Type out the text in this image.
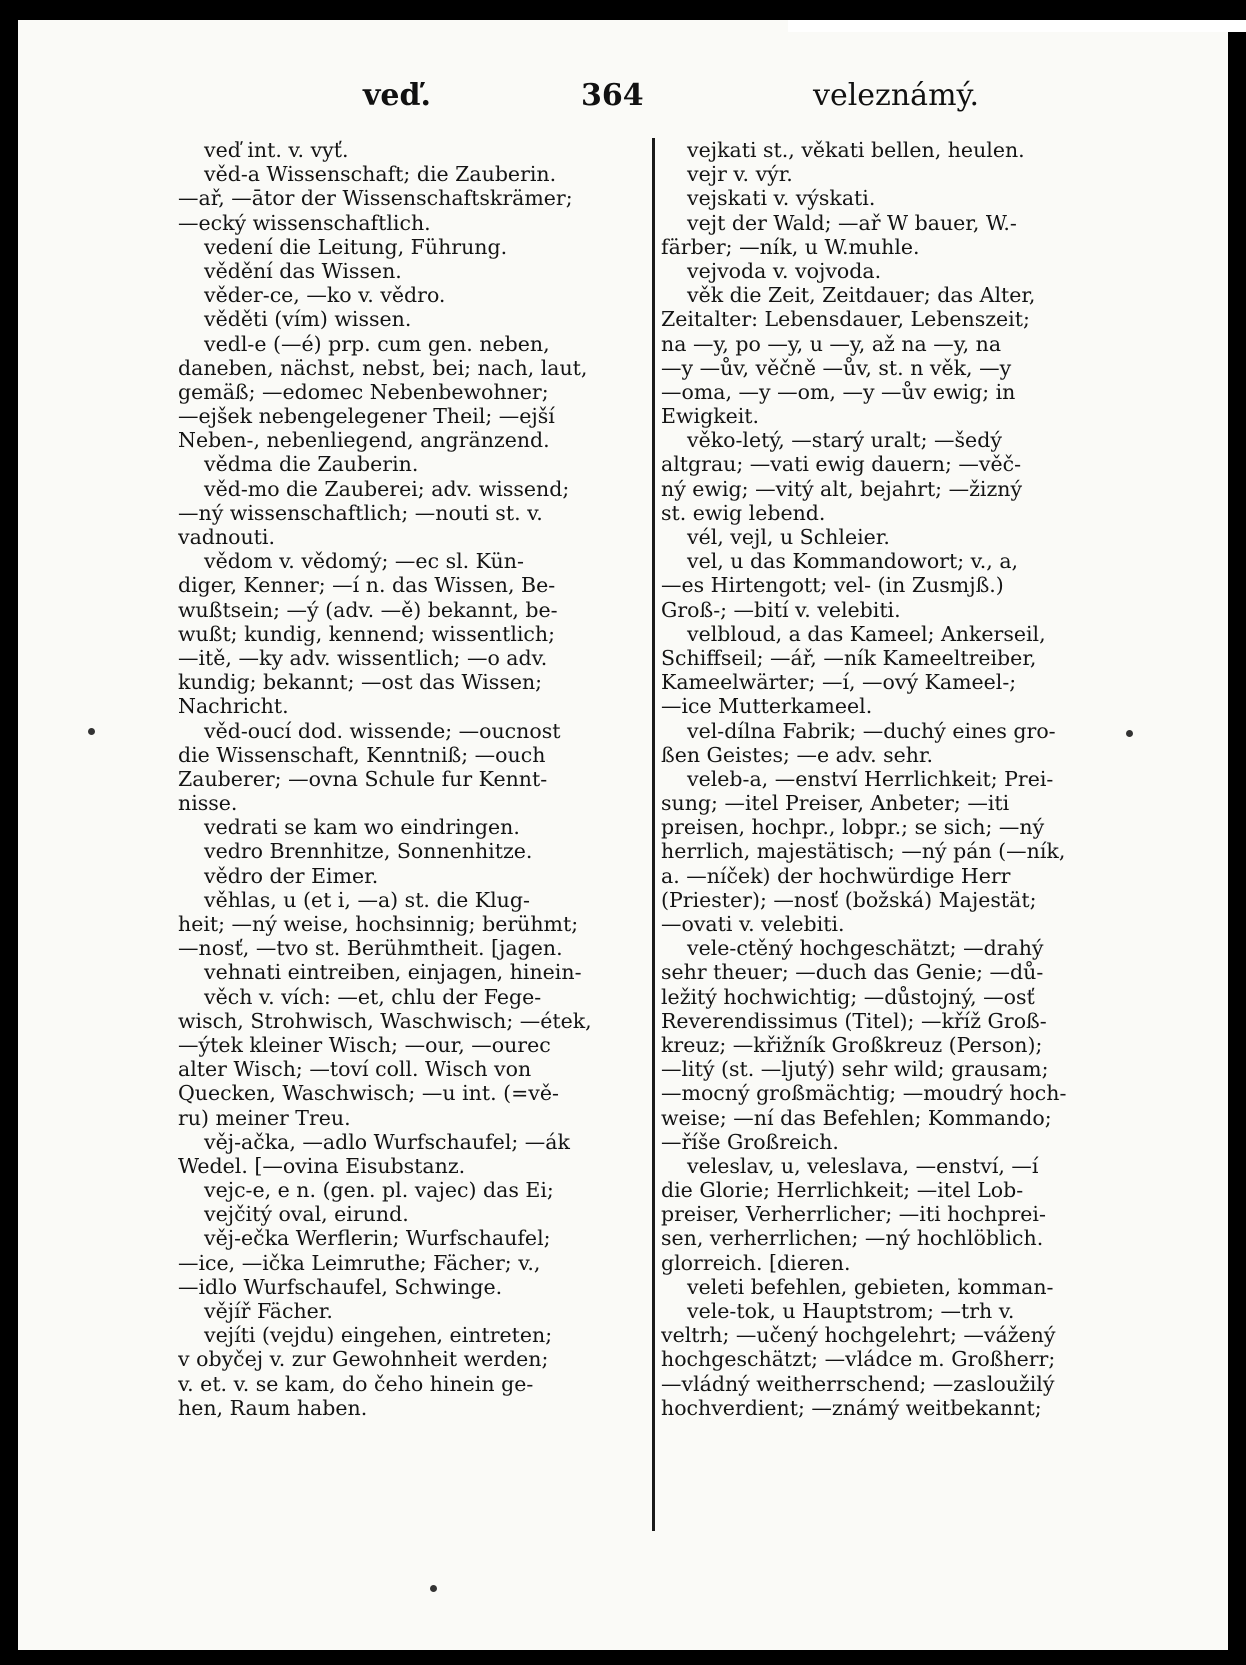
veď.	364	veleznámý.
veď int. v. vyť.
věd-a Wissenschaft; die Zauberin.
—ař, —ātor der Wissenschaftskrämer;
—ecký wissenschaftlich.
vedení die Leitung, Führung.
vědění das Wissen.
věder-ce, —ko v. vědro.
věděti (vím) wissen.
vedl-e (—é) prp. cum gen. neben,
daneben, nächst, nebst, bei; nach, laut,
gemäß; —edomec Nebenbewohner;
—ejšek nebengelegener Theil; —ejší
Neben-, nebenliegend, angränzend.
vědma die Zauberin.
věd-mo die Zauberei; adv. wissend;
—ný wissenschaftlich; —nouti st. v.
vadnouti.
vědom v. vědomý; —ec sl. Kün-
diger, Kenner; —í n. das Wissen, Be-
wußtsein; —ý (adv. —ě) bekannt, be-
wußt; kundig, kennend; wissentlich;
—itě, —ky adv. wissentlich; —o adv.
kundig; bekannt; —ost das Wissen;
Nachricht.
věd-oucí dod. wissende; —oucnost
die Wissenschaft, Kenntniß; —ouch
Zauberer; —ovna Schule fur Kennt-
nisse.
vedrati se kam wo eindringen.
vedro Brennhitze, Sonnenhitze.
vědro der Eimer.
věhlas, u (et i, —a) st. die Klug-
heit; —ný weise, hochsinnig; berühmt;
—nosť, —tvo st. Berühmtheit. [jagen.
vehnati eintreiben, einjagen, hinein-
věch v. vích: —et, chlu der Fege-
wisch, Strohwisch, Waschwisch; —étek,
—ýtek kleiner Wisch; —our, —ourec
alter Wisch; —toví coll. Wisch von
Quecken, Waschwisch; —u int. (=vě-
ru) meiner Treu.
věj-ačka, —adlo Wurfschaufel; —ák
Wedel. [—ovina Eisubstanz.
vejc-e, e n. (gen. pl. vajec) das Ei;
vejčitý oval, eirund.
věj-ečka Werflerin; Wurfschaufel;
—ice, —ička Leimruthe; Fächer; v.,
—idlo Wurfschaufel, Schwinge.
vějíř Fächer.
vejíti (vejdu) eingehen, eintreten;
v obyčej v. zur Gewohnheit werden;
v. et. v. se kam, do čeho hinein ge-
hen, Raum haben.
vejkati st., věkati bellen, heulen.
vejr v. výr.
vejskati v. výskati.
vejt der Wald; —ař W bauer, W.-
färber; —ník, u W.muhle.
vejvoda v. vojvoda.
věk die Zeit, Zeitdauer; das Alter,
Zeitalter: Lebensdauer, Lebenszeit;
na —y, po —y, u —y, až na —y, na
—y —ův, věčně —ův, st. n věk, —y
—oma, —y —om, —y —ův ewig; in
Ewigkeit.
věko-letý, —starý uralt; —šedý
altgrau; —vati ewig dauern; —věč-
ný ewig; —vitý alt, bejahrt; —žizný
st. ewig lebend.
vél, vejl, u Schleier.
vel, u das Kommandowort; v., a,
—es Hirtengott; vel- (in Zusmjß.)
Groß-; —bití v. velebiti.
velbloud, a das Kameel; Ankerseil,
Schiffseil; —ář, —ník Kameeltreiber,
Kameelwärter; —í, —ový Kameel-;
—ice Mutterkameel.
vel-dílna Fabrik; —duchý eines gro-
ßen Geistes; —e adv. sehr.
veleb-a, —enství Herrlichkeit; Prei-
sung; —itel Preiser, Anbeter; —iti
preisen, hochpr., lobpr.; se sich; —ný
herrlich, majestätisch; —ný pán (—ník,
a. —níček) der hochwürdige Herr
(Priester); —nosť (božská) Majestät;
—ovati v. velebiti.
vele-ctěný hochgeschätzt; —drahý
sehr theuer; —duch das Genie; —dů-
ležitý hochwichtig; —důstojný, —osť
Reverendissimus (Titel); —kříž Groß-
kreuz; —křižník Großkreuz (Person);
—litý (st. —ljutý) sehr wild; grausam;
—mocný großmächtig; —moudrý hoch-
weise; —ní das Befehlen; Kommando;
—říše Großreich.
veleslav, u, veleslava, —enství, —í
die Glorie; Herrlichkeit; —itel Lob-
preiser, Verherrlicher; —iti hochprei-
sen, verherrlichen; —ný hochlöblich.
glorreich. [dieren.
veleti befehlen, gebieten, komman-
vele-tok, u Hauptstrom; —trh v.
veltrh; —učený hochgelehrt; —vážený
hochgeschätzt; —vládce m. Großherr;
—vládný weitherrschend; —zasloužilý
hochverdient; —známý weitbekannt;
